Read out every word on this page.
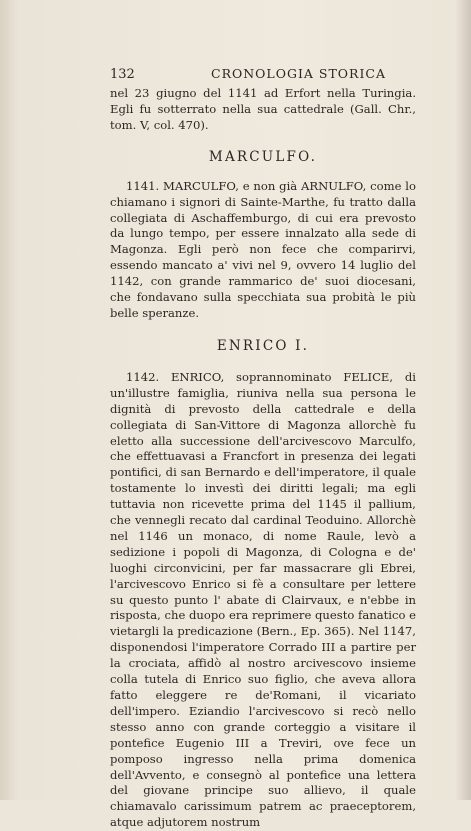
132	CRONOLOGIA STORICA

nel 23 giugno del 1141 ad Erfort nella Turingia. Egli fu sotterrato nella sua cattedrale (Gall. Chr., tom. V, col. 470).

MARCULFO.

1141. MARCULFO, e non già ARNULFO, come lo chiamano i signori di Sainte-Marthe, fu tratto dalla collegiata di Aschaffemburgo, di cui era prevosto da lungo tempo, per essere innalzato alla sede di Magonza. Egli però non fece che comparirvi, essendo mancato a' vivi nel 9, ovvero 14 luglio del 1142, con grande rammarico de' suoi diocesani, che fondavano sulla specchiata sua probità le più belle speranze.

ENRICO I.

1142. ENRICO, soprannominato FELICE, di un'illustre famiglia, riuniva nella sua persona le dignità di prevosto della cattedrale e della collegiata di San-Vittore di Magonza allorchè fu eletto alla successione dell'arcivescovo Marculfo, che effettuavasi a Francfort in presenza dei legati pontifici, di san Bernardo e dell'imperatore, il quale tostamente lo investì dei diritti legali; ma egli tuttavia non ricevette prima del 1145 il pallium, che vennegli recato dal cardinal Teoduino. Allorchè nel 1146 un monaco, di nome Raule, levò a sedizione i popoli di Magonza, di Cologna e de' luoghi circonvicini, per far massacrare gli Ebrei, l'arcivescovo Enrico si fè a consultare per lettere su questo punto l' abate di Clairvaux, e n'ebbe in risposta, che duopo era reprimere questo fanatico e vietargli la predicazione (Bern., Ep. 365). Nel 1147, disponendosi l'imperatore Corrado III a partire per la crociata, affidò al nostro arcivescovo insieme colla tutela di Enrico suo figlio, che aveva allora fatto eleggere re de'Romani, il vicariato dell'impero. Eziandio l'arcivescovo si recò nello stesso anno con grande corteggio a visitare il pontefice Eugenio III a Treviri, ove fece un pomposo ingresso nella prima domenica dell'Avvento, e consegnò al pontefice una lettera del giovane principe suo allievo, il quale chiamavalo carissimum patrem ac praeceptorem, atque adjutorem nostrum
